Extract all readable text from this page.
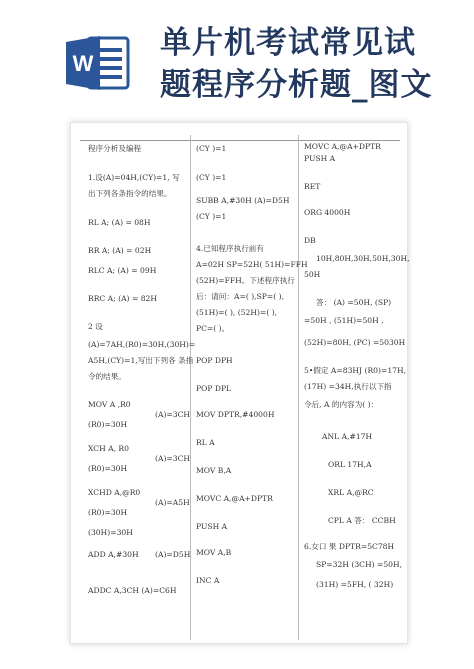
W
单片机考试常见试
题程序分析题_图文
程序分析及编程
1.设(A)=04H,(CY)=1, 写
出下列各条指令的结果。
RL A; (A) = 08H
RR A; (A) = 02H
RLC A; (A) = 09H
RRC A; (A) = 82H
2 设
(A)=7AH,(R0)=30H,(30H)=
A5H,(CY)=1,写出下列各 条指
令的结果。
MOV A ,R0
(A)=3CH
(R0)=30H
XCH A, R0
(A)=3CH
(R0)=30H
XCHD A,@R0
(A)=A5H
(R0)=30H
(30H)=30H
ADD A,#30H (A)=D5H
ADDC A,3CH (A)=C6H
(CY )=1
(CY )=1
SUBB A,#30H (A)=D5H
(CY )=1
4.已知程序执行前有
A=02H SP=52H( 51H)=FFH
(52H)=FFH。下述程序执行
后：请问：A=( ),SP=( ),
(51H)=( ), (52H)=( ),
PC=( )。
POP DPH
POP DPL
MOV DPTR,#4000H
RL A
MOV B,A
MOVC A,@A+DPTR
PUSH A
MOV A,B
INC A
MOVC A,@A+DPTR
PUSH A
RET
ORG 4000H
DB
10H,80H,30H,50H,30H,
50H
答： (A) =50H, (SP)
=50H , (51H)=50H ,
(52H)=80H, (PC) =5030H
5•假定 A=83HJ (R0)=17H,
(17H) =34H,执行以下指
令后, A 的内容为( )：
ANL A,#17H
ORL 17H,A
XRL A,@RC
CPL A 答： CCBH
6.女口 果 DPTR=5C78H
SP=32H (3CH) =50H,
(31H) =5FH, ( 32H)
